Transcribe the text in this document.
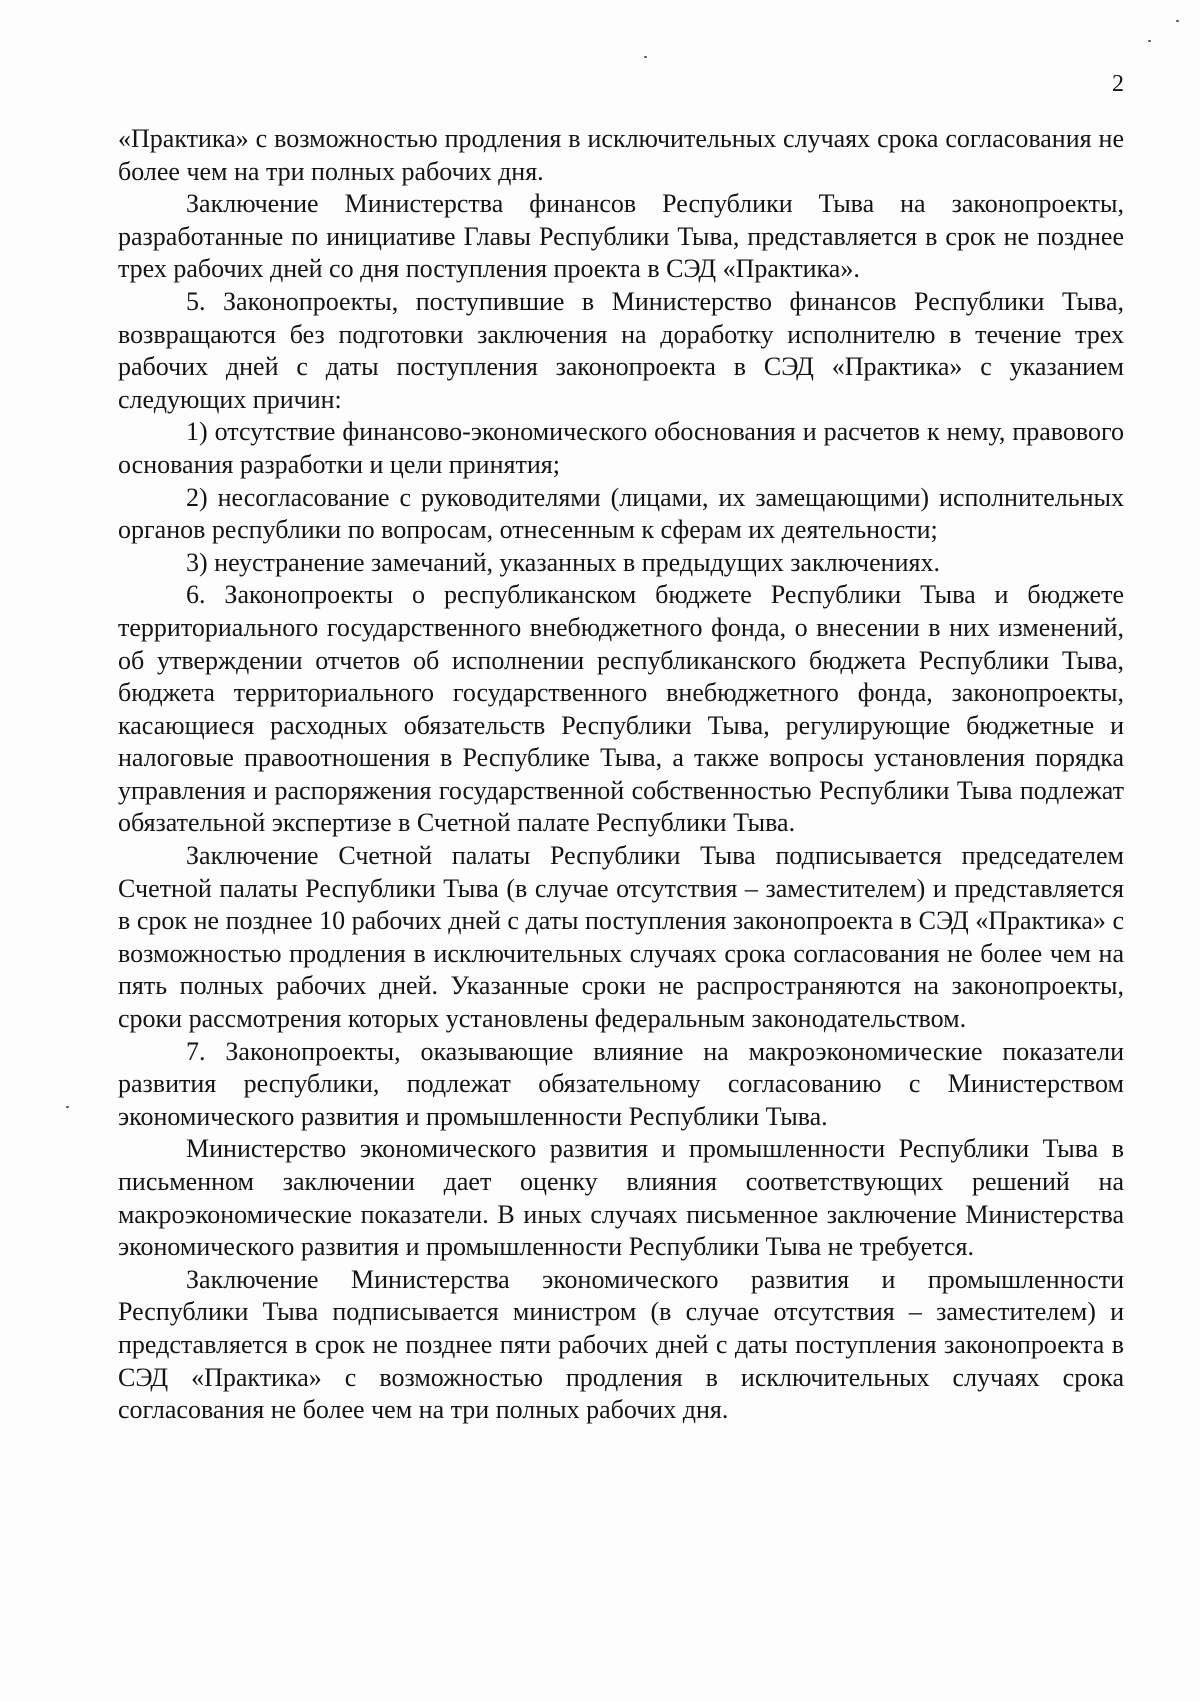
2

«Практика» с возможностью продления в исключительных случаях срока согласования не более чем на три полных рабочих дня.

Заключение Министерства финансов Республики Тыва на законопроекты, разработанные по инициативе Главы Республики Тыва, представляется в срок не позднее трех рабочих дней со дня поступления проекта в СЭД «Практика».

5. Законопроекты, поступившие в Министерство финансов Республики Тыва, возвращаются без подготовки заключения на доработку исполнителю в течение трех рабочих дней с даты поступления законопроекта в СЭД «Практика» с указанием следующих причин:

1) отсутствие финансово-экономического обоснования и расчетов к нему, правового основания разработки и цели принятия;

2) несогласование с руководителями (лицами, их замещающими) исполнительных органов республики по вопросам, отнесенным к сферам их деятельности;

3) неустранение замечаний, указанных в предыдущих заключениях.

6. Законопроекты о республиканском бюджете Республики Тыва и бюджете территориального государственного внебюджетного фонда, о внесении в них изменений, об утверждении отчетов об исполнении республиканского бюджета Республики Тыва, бюджета территориального государственного внебюджетного фонда, законопроекты, касающиеся расходных обязательств Республики Тыва, регулирующие бюджетные и налоговые правоотношения в Республике Тыва, а также вопросы установления порядка управления и распоряжения государственной собственностью Республики Тыва подлежат обязательной экспертизе в Счетной палате Республики Тыва.

Заключение Счетной палаты Республики Тыва подписывается председателем Счетной палаты Республики Тыва (в случае отсутствия – заместителем) и представляется в срок не позднее 10 рабочих дней с даты поступления законопроекта в СЭД «Практика» с возможностью продления в исключительных случаях срока согласования не более чем на пять полных рабочих дней. Указанные сроки не распространяются на законопроекты, сроки рассмотрения которых установлены федеральным законодательством.

7. Законопроекты, оказывающие влияние на макроэкономические показатели развития республики, подлежат обязательному согласованию с Министерством экономического развития и промышленности Республики Тыва.

Министерство экономического развития и промышленности Республики Тыва в письменном заключении дает оценку влияния соответствующих решений на макроэкономические показатели. В иных случаях письменное заключение Министерства экономического развития и промышленности Республики Тыва не требуется.

Заключение Министерства экономического развития и промышленности Республики Тыва подписывается министром (в случае отсутствия – заместителем) и представляется в срок не позднее пяти рабочих дней с даты поступления законопроекта в СЭД «Практика» с возможностью продления в исключительных случаях срока согласования не более чем на три полных рабочих дня.
